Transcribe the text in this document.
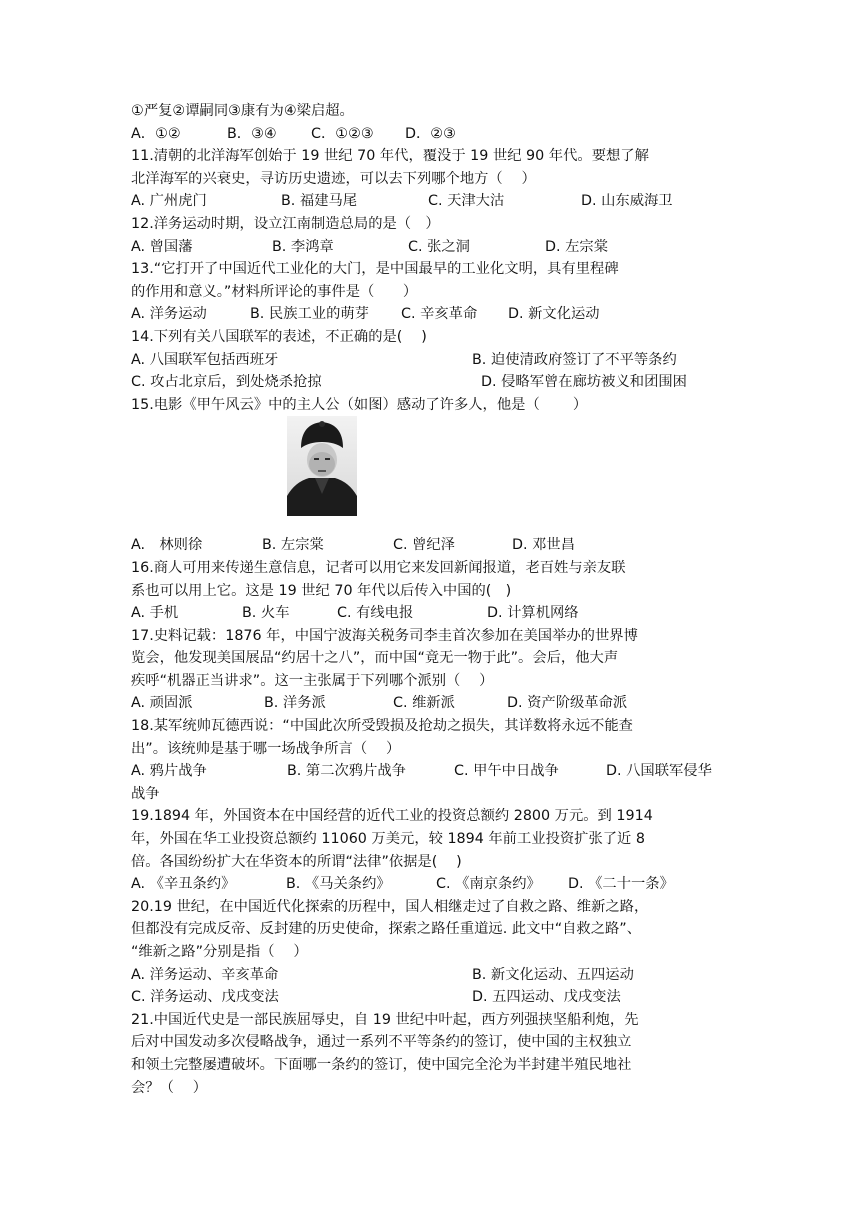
①严复②谭嗣同③康有为④梁启超。
A．①②	B．③④	C．①②③	D．②③
11.清朝的北洋海军创始于 19 世纪 70 年代，覆没于 19 世纪 90 年代。要想了解
北洋海军的兴衰史，寻访历史遗迹，可以去下列哪个地方（　 ）
A. 广州虎门	B. 福建马尾	C. 天津大沽	D. 山东威海卫
12.洋务运动时期，设立江南制造总局的是（　）
A. 曾国藩	B. 李鸿章	C. 张之洞	D. 左宗棠
13.“它打开了中国近代工业化的大门，是中国最早的工业化文明，具有里程碑
的作用和意义。”材料所评论的事件是（　　）
A. 洋务运动	B. 民族工业的萌芽	C. 辛亥革命	D. 新文化运动
14.下列有关八国联军的表述，不正确的是(　 )
A. 八国联军包括西班牙	B. 迫使清政府签订了不平等条约
C. 攻占北京后，到处烧杀抢掠	D. 侵略军曾在廊坊被义和团围困
15.电影《甲午风云》中的主人公（如图）感动了许多人，他是（　　 ）
A.　林则徐	B. 左宗棠	C. 曾纪泽	D. 邓世昌
16.商人可用来传递生意信息，记者可以用它来发回新闻报道，老百姓与亲友联
系也可以用上它。这是 19 世纪 70 年代以后传入中国的(　)
A. 手机	B. 火车	C. 有线电报	D. 计算机网络
17.史料记载：1876 年，中国宁波海关税务司李圭首次参加在美国举办的世界博
览会，他发现美国展品“约居十之八”，而中国“竟无一物于此”。会后，他大声
疾呼“机器正当讲求”。这一主张属于下列哪个派别（　 ）
A. 顽固派	B. 洋务派	C. 维新派	D. 资产阶级革命派
18.某军统帅瓦德西说：“中国此次所受毁损及抢劫之损失，其详数将永远不能查
出”。该统帅是基于哪一场战争所言（　 ）
A. 鸦片战争	B. 第二次鸦片战争	C. 甲午中日战争	D. 八国联军侵华
战争
19.1894 年，外国资本在中国经营的近代工业的投资总额约 2800 万元。到 1914
年，外国在华工业投资总额约 11060 万美元，较 1894 年前工业投资扩张了近 8
倍。各国纷纷扩大在华资本的所谓“法律”依据是(　 )
A. 《辛丑条约》	B. 《马关条约》	C. 《南京条约》	D. 《二十一条》
20.19 世纪，在中国近代化探索的历程中，国人相继走过了自救之路、维新之路，
但都没有完成反帝、反封建的历史使命，探索之路任重道远. 此文中“自救之路”、
“维新之路”分别是指（　 ）
A. 洋务运动、辛亥革命	B. 新文化运动、五四运动
C. 洋务运动、戊戌变法	D. 五四运动、戊戌变法
21.中国近代史是一部民族屈辱史，自 19 世纪中叶起，西方列强挟坚船利炮，先
后对中国发动多次侵略战争，通过一系列不平等条约的签订，使中国的主权独立
和领土完整屡遭破坏。下面哪一条约的签订，使中国完全沦为半封建半殖民地社
会？（　 ）
